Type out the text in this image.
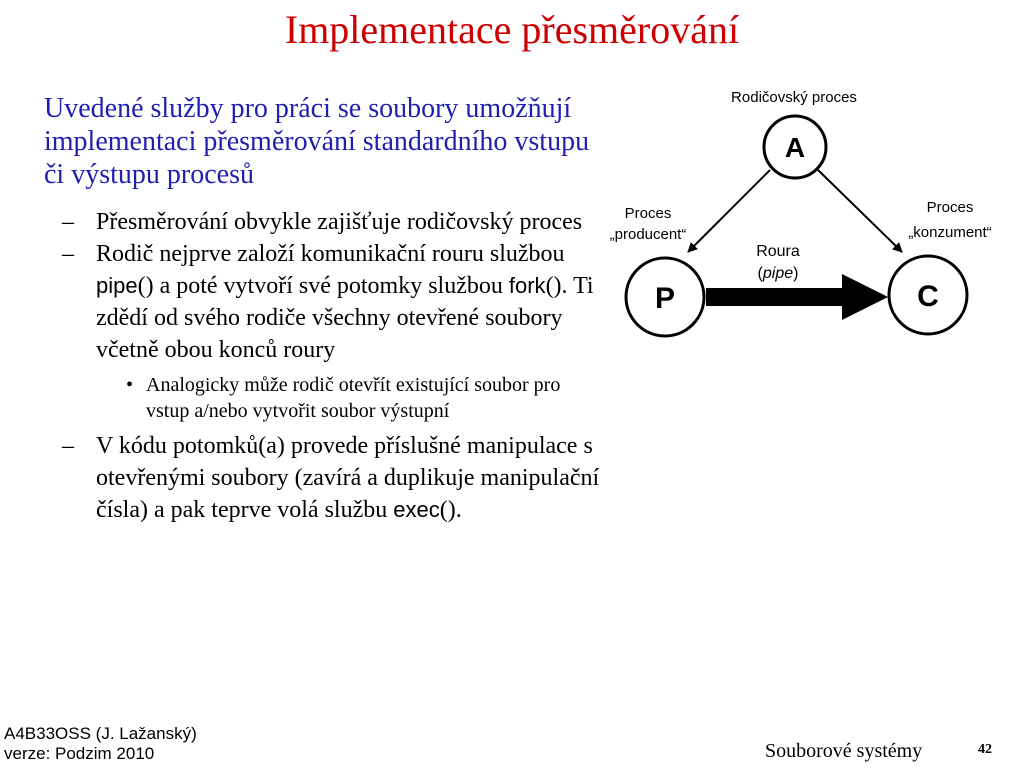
Implementace přesměrování
Uvedené služby pro práci se soubory umožňují implementaci přesměrování standardního vstupu či výstupu procesů
– Přesměrování obvykle zajišťuje rodičovský proces
– Rodič nejprve založí komunikační rouru službou pipe() a poté vytvoří své potomky službou fork(). Ti zdědí od svého rodiče všechny otevřené soubory včetně obou konců roury
• Analogicky může rodič otevřít existující soubor pro vstup a/nebo vytvořit soubor výstupní
– V kódu potomků(a) provede příslušné manipulace s otevřenými soubory (zavírá a duplikuje manipulační čísla) a pak teprve volá službu exec().
Rodičovský proces
A
P	C
Proces
„producent“
Proces
„konzument“
Roura
(pipe)
A4B33OSS (J. Lažanský)
verze: Podzim 2010	Souborové systémy	42
